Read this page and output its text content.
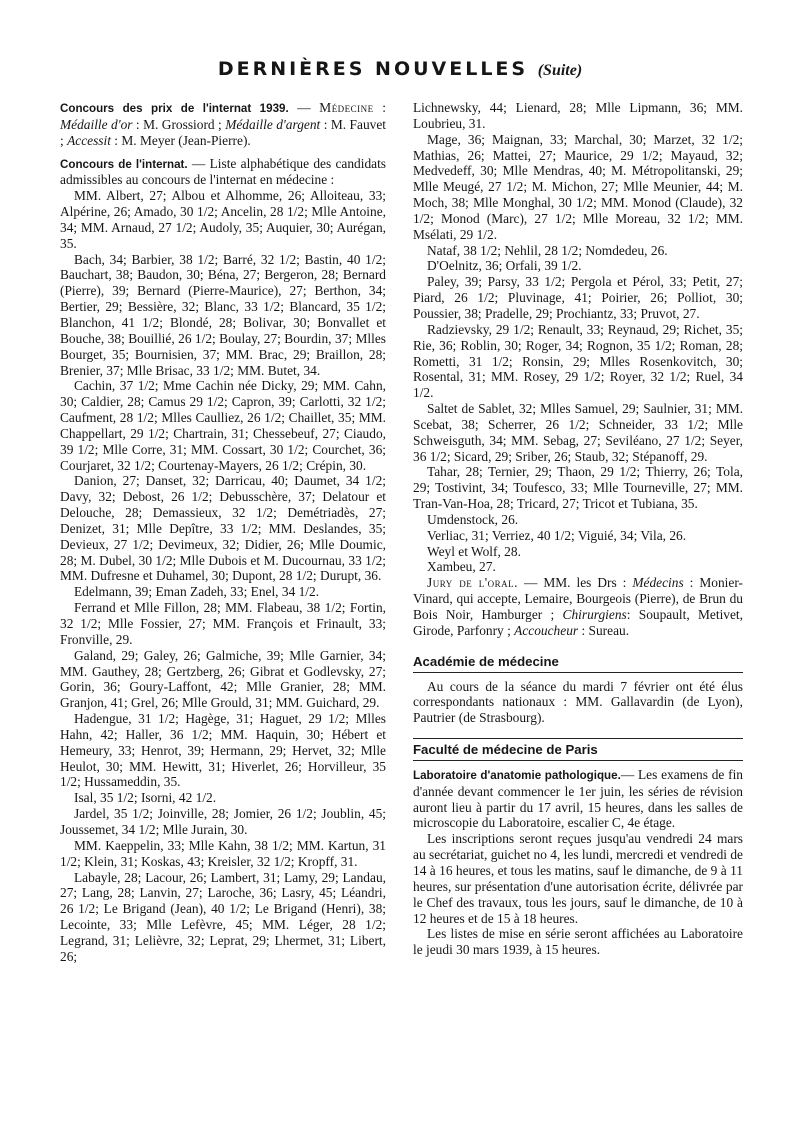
DERNIÈRES NOUVELLES (Suite)

Concours des prix de l'internat 1939. — Médecine : Médaille d'or : M. Grossiord ; Médaille d'argent : M. Fauvet ; Accessit : M. Meyer (Jean-Pierre).

Concours de l'internat. — Liste alphabétique des candidats admissibles au concours de l'internat en médecine :

MM. Albert, 27; Albou et Alhomme, 26; Alloiteau, 33; Alpérine, 26; Amado, 30 1/2; Ancelin, 28 1/2; Mlle Antoine, 34; MM. Arnaud, 27 1/2; Audoly, 35; Auquier, 30; Aurégan, 35.

Bach, 34; Barbier, 38 1/2; Barré, 32 1/2; Bastin, 40 1/2; Bauchart, 38; Baudon, 30; Béna, 27; Bergeron, 28; Bernard (Pierre), 39; Bernard (Pierre-Maurice), 27; Berthon, 34; Bertier, 29; Bessière, 32; Blanc, 33 1/2; Blancard, 35 1/2; Blanchon, 41 1/2; Blondé, 28; Bolivar, 30; Bonvallet et Bouche, 38; Bouillié, 26 1/2; Boulay, 27; Bourdin, 37; Mlles Bourget, 35; Bournisien, 37; MM. Brac, 29; Braillon, 28; Brenier, 37; Mlle Brisac, 33 1/2; MM. Butet, 34.

Cachin, 37 1/2; Mme Cachin née Dicky, 29; MM. Cahn, 30; Caldier, 28; Camus 29 1/2; Capron, 39; Carlotti, 32 1/2; Caufment, 28 1/2; Mlles Caulliez, 26 1/2; Chaillet, 35; MM. Chappellart, 29 1/2; Chartrain, 31; Chessebeuf, 27; Ciaudo, 39 1/2; Mlle Corre, 31; MM. Cossart, 30 1/2; Courchet, 36; Courjaret, 32 1/2; Courtenay-Mayers, 26 1/2; Crépin, 30.

Danion, 27; Danset, 32; Darricau, 40; Daumet, 34 1/2; Davy, 32; Debost, 26 1/2; Debusschère, 37; Delatour et Delouche, 28; Demassieux, 32 1/2; Demétriadès, 27; Denizet, 31; Mlle Depître, 33 1/2; MM. Deslandes, 35; Devieux, 27 1/2; Devimeux, 32; Didier, 26; Mlle Doumic, 28; M. Dubel, 30 1/2; Mlle Dubois et M. Ducournau, 33 1/2; MM. Dufresne et Duhamel, 30; Dupont, 28 1/2; Durupt, 36.

Edelmann, 39; Eman Zadeh, 33; Enel, 34 1/2.

Ferrand et Mlle Fillon, 28; MM. Flabeau, 38 1/2; Fortin, 32 1/2; Mlle Fossier, 27; MM. François et Frinault, 33; Fronville, 29.

Galand, 29; Galey, 26; Galmiche, 39; Mlle Garnier, 34; MM. Gauthey, 28; Gertzberg, 26; Gibrat et Godlevsky, 27; Gorin, 36; Goury-Laffont, 42; Mlle Granier, 28; MM. Granjon, 41; Grel, 26; Mlle Grould, 31; MM. Guichard, 29.

Hadengue, 31 1/2; Hagège, 31; Haguet, 29 1/2; Mlles Hahn, 42; Haller, 36 1/2; MM. Haquin, 30; Hébert et Hemeury, 33; Henrot, 39; Hermann, 29; Hervet, 32; Mlle Heulot, 30; MM. Hewitt, 31; Hiverlet, 26; Horvilleur, 35 1/2; Hussameddin, 35.

Isal, 35 1/2; Isorni, 42 1/2.

Jardel, 35 1/2; Joinville, 28; Jomier, 26 1/2; Joublin, 45; Joussemet, 34 1/2; Mlle Jurain, 30.

MM. Kaeppelin, 33; Mlle Kahn, 38 1/2; MM. Kartun, 31 1/2; Klein, 31; Koskas, 43; Kreisler, 32 1/2; Kropff, 31.

Labayle, 28; Lacour, 26; Lambert, 31; Lamy, 29; Landau, 27; Lang, 28; Lanvin, 27; Laroche, 36; Lasry, 45; Léandri, 26 1/2; Le Brigand (Jean), 40 1/2; Le Brigand (Henri), 38; Lecointe, 33; Mlle Lefèvre, 45; MM. Léger, 28 1/2; Legrand, 31; Lelièvre, 32; Leprat, 29; Lhermet, 31; Libert, 26;

Lichnewsky, 44; Lienard, 28; Mlle Lipmann, 36; MM. Loubrieu, 31.

Mage, 36; Maignan, 33; Marchal, 30; Marzet, 32 1/2; Mathias, 26; Mattei, 27; Maurice, 29 1/2; Mayaud, 32; Medvedeff, 30; Mlle Mendras, 40; M. Métropolitanski, 29; Mlle Meugé, 27 1/2; M. Michon, 27; Mlle Meunier, 44; M. Moch, 38; Mlle Monghal, 30 1/2; MM. Monod (Claude), 32 1/2; Monod (Marc), 27 1/2; Mlle Moreau, 32 1/2; MM. Msélati, 29 1/2.

Nataf, 38 1/2; Nehlil, 28 1/2; Nomdedeu, 26.

D'Oelnitz, 36; Orfali, 39 1/2.

Paley, 39; Parsy, 33 1/2; Pergola et Pérol, 33; Petit, 27; Piard, 26 1/2; Pluvinage, 41; Poirier, 26; Polliot, 30; Poussier, 38; Pradelle, 29; Prochiantz, 33; Pruvot, 27.

Radzievsky, 29 1/2; Renault, 33; Reynaud, 29; Richet, 35; Rie, 36; Roblin, 30; Roger, 34; Rognon, 35 1/2; Roman, 28; Rometti, 31 1/2; Ronsin, 29; Mlles Rosenkovitch, 30; Rosental, 31; MM. Rosey, 29 1/2; Royer, 32 1/2; Ruel, 34 1/2.

Saltet de Sablet, 32; Mlles Samuel, 29; Saulnier, 31; MM. Scebat, 38; Scherrer, 26 1/2; Schneider, 33 1/2; Mlle Schweisguth, 34; MM. Sebag, 27; Seviléano, 27 1/2; Seyer, 36 1/2; Sicard, 29; Sriber, 26; Staub, 32; Stépanoff, 29.

Tahar, 28; Ternier, 29; Thaon, 29 1/2; Thierry, 26; Tola, 29; Tostivint, 34; Toufesco, 33; Mlle Tourneville, 27; MM. Tran-Van-Hoa, 28; Tricard, 27; Tricot et Tubiana, 35.

Umdenstock, 26.

Verliac, 31; Verriez, 40 1/2; Viguié, 34; Vila, 26.

Weyl et Wolf, 28.

Xambeu, 27.

Jury de l'oral. — MM. les Drs : Médecins : Monier-Vinard, qui accepte, Lemaire, Bourgeois (Pierre), de Brun du Bois Noir, Hamburger ; Chirurgiens: Soupault, Metivet, Girode, Parfonry ; Accoucheur : Sureau.

Académie de médecine

Au cours de la séance du mardi 7 février ont été élus correspondants nationaux : MM. Gallavardin (de Lyon), Pautrier (de Strasbourg).

Faculté de médecine de Paris

Laboratoire d'anatomie pathologique.— Les examens de fin d'année devant commencer le 1er juin, les séries de révision auront lieu à partir du 17 avril, 15 heures, dans les salles de microscopie du Laboratoire, escalier C, 4e étage.

Les inscriptions seront reçues jusqu'au vendredi 24 mars au secrétariat, guichet no 4, les lundi, mercredi et vendredi de 14 à 16 heures, et tous les matins, sauf le dimanche, de 9 à 11 heures, sur présentation d'une autorisation écrite, délivrée par le Chef des travaux, tous les jours, sauf le dimanche, de 10 à 12 heures et de 15 à 18 heures.

Les listes de mise en série seront affichées au Laboratoire le jeudi 30 mars 1939, à 15 heures.
